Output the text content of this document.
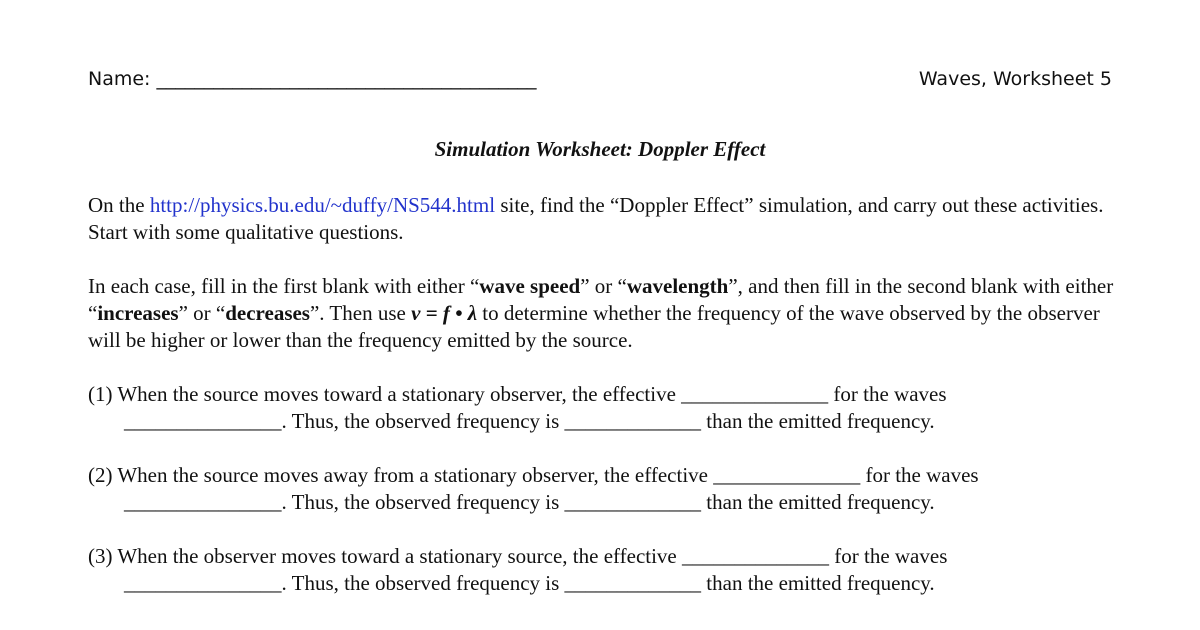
Name: ________________________________________	Waves, Worksheet 5
Simulation Worksheet: Doppler Effect

On the http://physics.bu.edu/~duffy/NS544.html site, find the “Doppler Effect” simulation, and carry out these activities. Start with some qualitative questions.

In each case, fill in the first blank with either “wave speed” or “wavelength”, and then fill in the second blank with either “increases” or “decreases”. Then use v = f • λ to determine whether the frequency of the wave observed by the observer will be higher or lower than the frequency emitted by the source.

(1) When the source moves toward a stationary observer, the effective ______________ for the waves
_______________. Thus, the observed frequency is _____________ than the emitted frequency.
(2) When the source moves away from a stationary observer, the effective ______________ for the waves
_______________. Thus, the observed frequency is _____________ than the emitted frequency.
(3) When the observer moves toward a stationary source, the effective ______________ for the waves
_______________. Thus, the observed frequency is _____________ than the emitted frequency.
